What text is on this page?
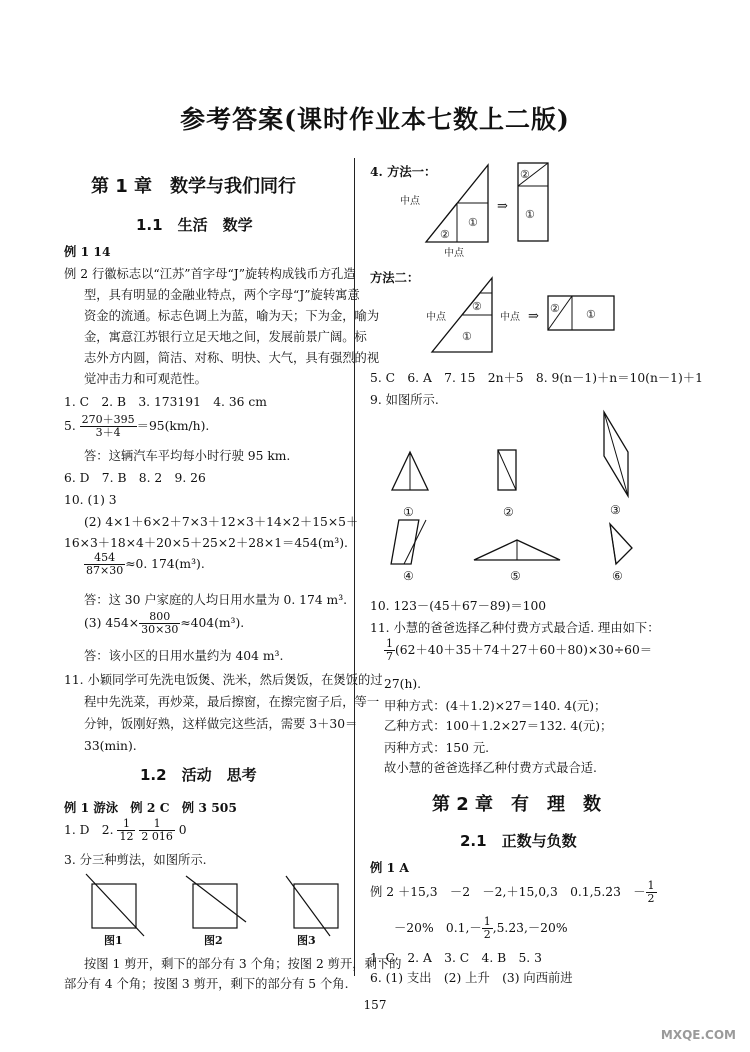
参考答案(课时作业本七数上二版)
第 1 章　数学与我们同行
1.1　生活　数学
例 1 14
例 2 行徽标志以“江苏”首字母“J”旋转构成钱币方孔造
型，具有明显的金融业特点，两个字母“J”旋转寓意
资金的流通。标志色调上为蓝，喻为天；下为金，喻为
金，寓意江苏银行立足天地之间，发展前景广阔。标
志外方内圆，简洁、对称、明快、大气，具有强烈的视
觉冲击力和可观范性。
1. C　2. B　3. 173191　4. 36 cm
5. $\frac{270+395}{3+4} =95(km/h)$.
答：这辆汽车平均每小时行驶 95 km.
6. D　7. B　8. 2　9. 26
10. (1) 3
(2) 4×1＋6×2＋7×3＋12×3＋14×2＋15×5＋
16×3＋18×4＋20×5＋25×2＋28×1＝454(m³).
$\frac{454}{87\times 30} \approx 0$. 174(m³).
答：这 30 户家庭的人均日用水量为 0. 174 m³.
(3) $454\times \frac{800}{30\times 30} \approx 404(m^3)$.
答：该小区的日用水量约为 404 m³.
11. 小颖同学可先洗电饭煲、洗米，然后煲饭，在煲饭的过
程中先洗菜，再炒菜，最后擦窗，在擦完窗子后，等一
分钟，饭刚好熟，这样做完这些活，需要 3＋30＝
33(min).
1.2　活动　思考
例 1 游泳　例 2 C　例 3 505
1. D　2. $\frac{1}{12}$
$\frac{1}{2 016} 0$
3. 分三种剪法，如图所示.
图1	图2	图3
按图 1 剪开，剩下的部分有 3 个角；按图 2 剪开，剩下的
部分有 4 个角；按图 3 剪开，剩下的部分有 5 个角.
4. 方法一：
②
①
中点
中点
⇒
②
①
方法二：
②
①
中点	中点 ⇒
② ①
5. C　6. A　7. 15　2n＋5　8. 9(n－1)＋n＝10(n－1)＋1
9. 如图所示.
①	②	③
④	⑤	⑥
10. 123－(45＋67－89)＝100
11. 小慧的爸爸选择乙种付费方式最合适. 理由如下：
$\frac{1}{7} (62+40+35+74+27+60+80)\times 30\div 60=$
27(h).
甲种方式：(4＋1.2)×27＝140. 4(元)；
乙种方式：100＋1.2×27＝132. 4(元)；
丙种方式：150 元.
故小慧的爸爸选择乙种付费方式最合适.
第 2 章　有　理　数
2.1　正数与负数
例 1 A
例 2 ＋15,3　－2　－2,＋15,0,3　0.1,5.2̇3̇　－ $\frac{1}{2}$
－20%　$0.1,- \frac{1}{2}$ ,5.2̇3̇,－20%
1. C　2. A　3. C　4. B　5. 3
6. (1) 支出　(2) 上升　(3) 向西前进
157
MXQE.COM
